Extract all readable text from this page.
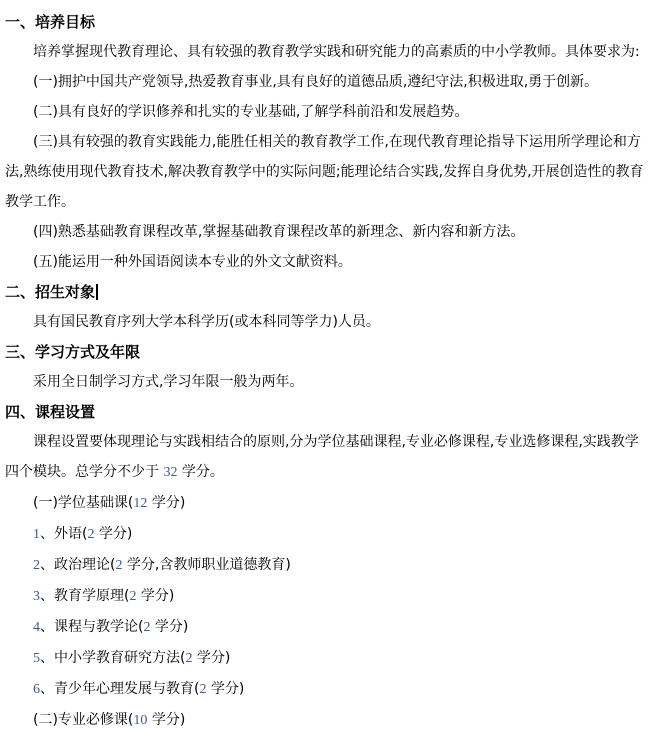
一、培养目标
培养掌握现代教育理论、具有较强的教育教学实践和研究能力的高素质的中小学教师。具体要求为:
(一)拥护中国共产党领导,热爱教育事业,具有良好的道德品质,遵纪守法,积极进取,勇于创新。
(二)具有良好的学识修养和扎实的专业基础,了解学科前沿和发展趋势。
(三)具有较强的教育实践能力,能胜任相关的教育教学工作,在现代教育理论指导下运用所学理论和方法,熟练使用现代教育技术,解决教育教学中的实际问题;能理论结合实践,发挥自身优势,开展创造性的教育教学工作。
(四)熟悉基础教育课程改革,掌握基础教育课程改革的新理念、新内容和新方法。
(五)能运用一种外国语阅读本专业的外文文献资料。
二、招生对象
具有国民教育序列大学本科学历(或本科同等学力)人员。
三、学习方式及年限
采用全日制学习方式,学习年限一般为两年。
四、课程设置
课程设置要体现理论与实践相结合的原则,分为学位基础课程,专业必修课程,专业选修课程,实践教学四个模块。总学分不少于 32 学分。
(一)学位基础课(12 学分)
1、外语(2 学分)
2、政治理论(2 学分,含教师职业道德教育)
3、教育学原理(2 学分)
4、课程与教学论(2 学分)
5、中小学教育研究方法(2 学分)
6、青少年心理发展与教育(2 学分)
(二)专业必修课(10 学分)
